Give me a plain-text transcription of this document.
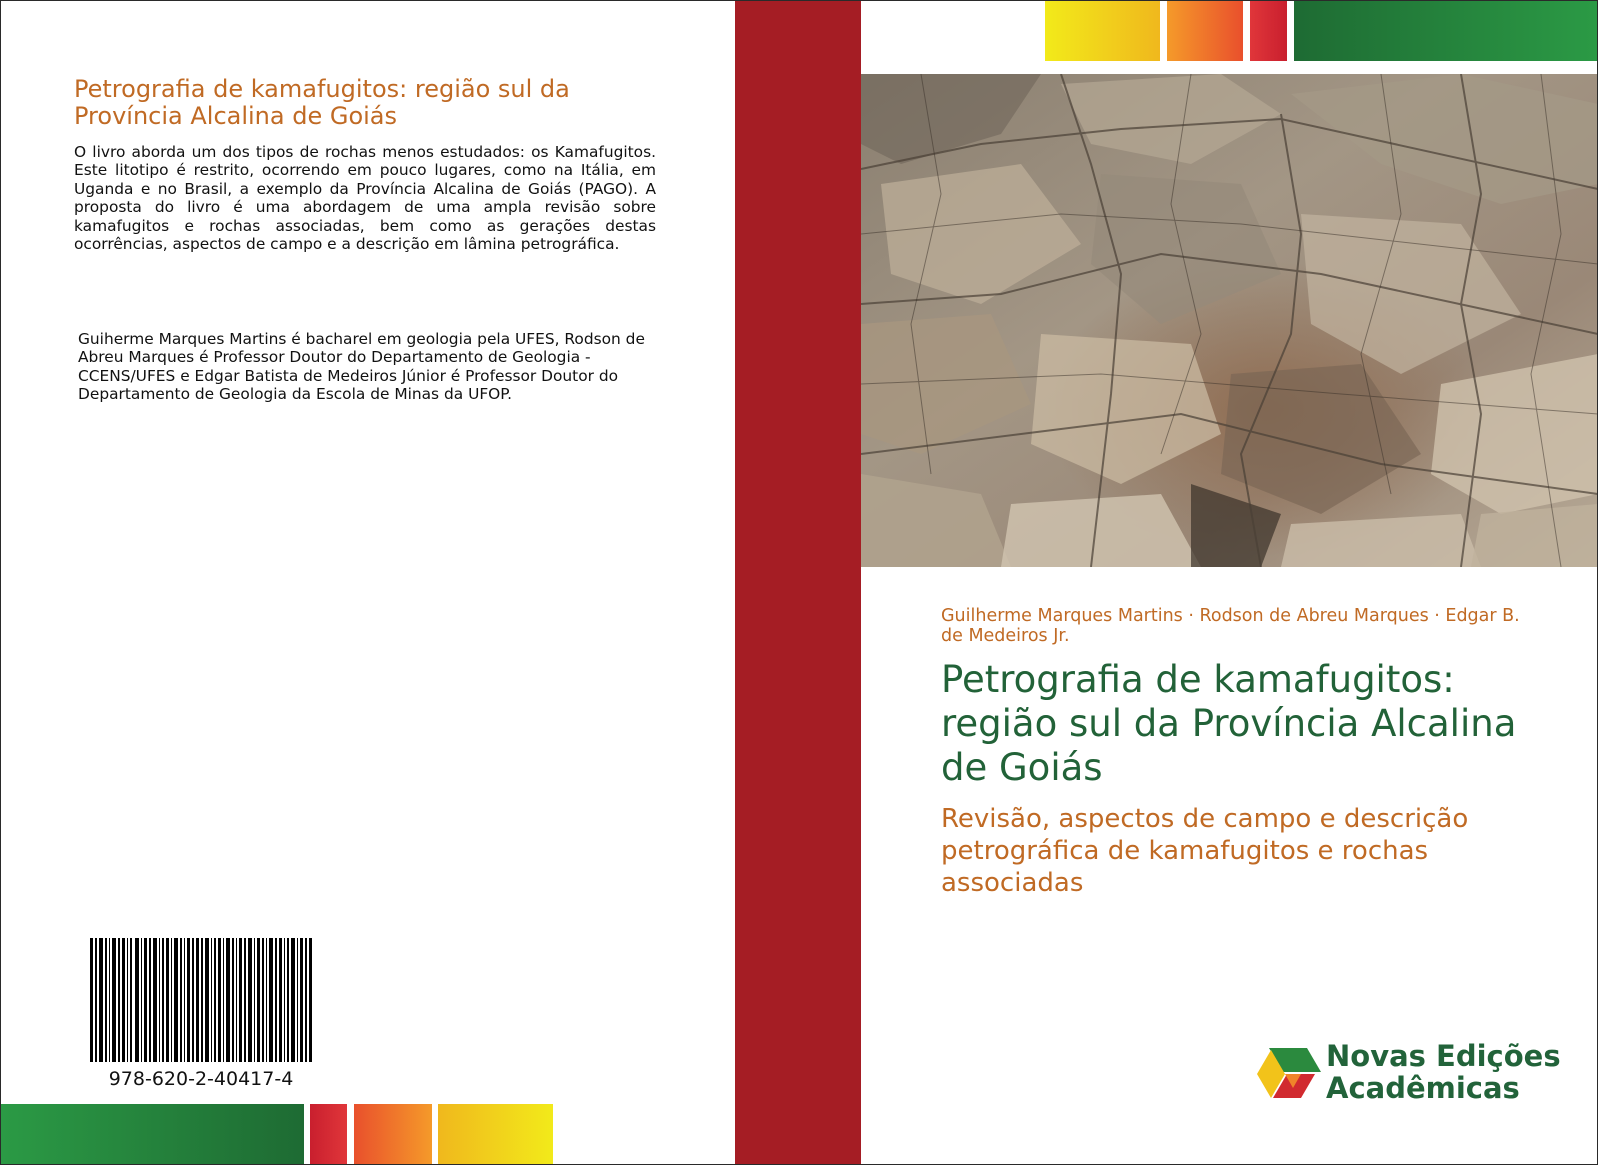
Petrografia de kamafugitos: região sul da Província Alcalina de Goiás
O livro aborda um dos tipos de rochas menos estudados: os Kamafugitos. Este litotipo é restrito, ocorrendo em pouco lugares, como na Itália, em Uganda e no Brasil, a exemplo da Província Alcalina de Goiás (PAGO). A proposta do livro é uma abordagem de uma ampla revisão sobre kamafugitos e rochas associadas, bem como as gerações destas ocorrências, aspectos de campo e a descrição em lâmina petrográfica.
Guiherme Marques Martins é bacharel em geologia pela UFES, Rodson de Abreu Marques é Professor Doutor do Departamento de Geologia - CCENS/UFES e Edgar Batista de Medeiros Júnior é Professor Doutor do Departamento de Geologia da Escola de Minas da UFOP.
978-620-2-40417-4
Guilherme Marques Martins · Rodson de Abreu Marques · Edgar B. de Medeiros Jr.
Petrografia de kamafugitos: região sul da Província Alcalina de Goiás
Revisão, aspectos de campo e descrição petrográfica de kamafugitos e rochas associadas
Novas Edições
Acadêmicas
